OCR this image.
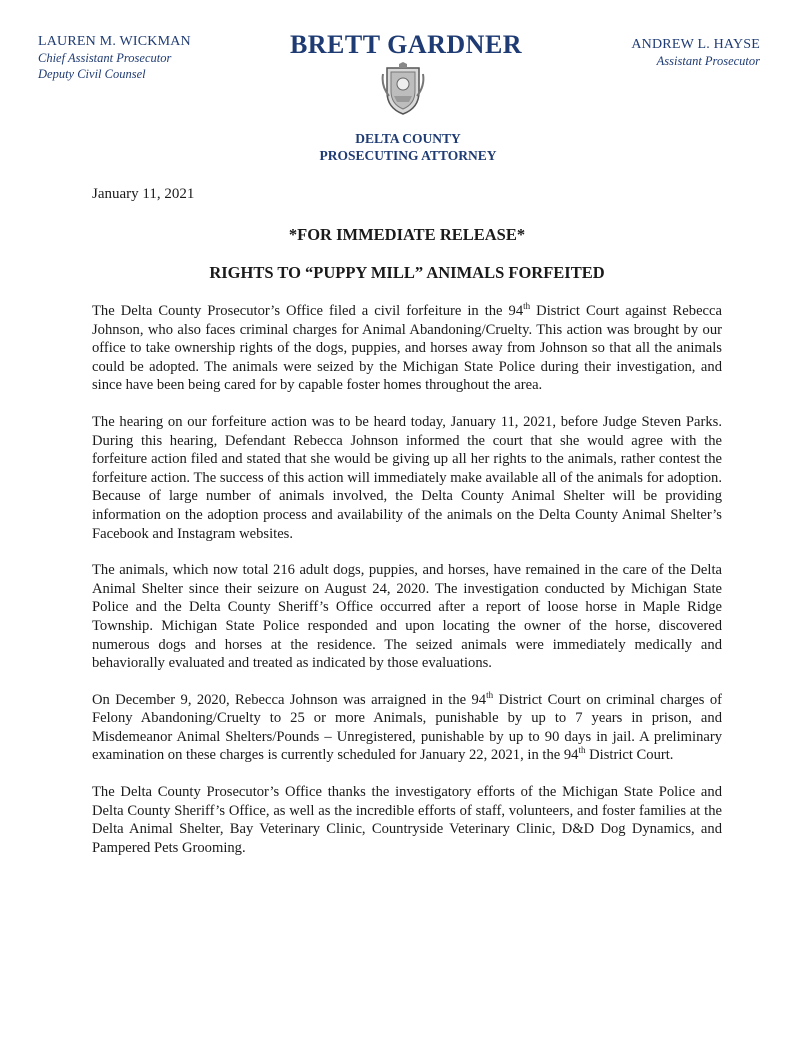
LAUREN M. WICKMAN
Chief Assistant Prosecutor
Deputy Civil Counsel
BRETT GARDNER	ANDREW L. HAYSE
Assistant Prosecutor
DELTA COUNTY
PROSECUTING ATTORNEY
January 11, 2021
*FOR IMMEDIATE RELEASE*
RIGHTS TO “PUPPY MILL” ANIMALS FORFEITED

The Delta County Prosecutor’s Office filed a civil forfeiture in the 94th District Court against Rebecca Johnson, who also faces criminal charges for Animal Abandoning/Cruelty. This action was brought by our office to take ownership rights of the dogs, puppies, and horses away from Johnson so that all the animals could be adopted. The animals were seized by the Michigan State Police during their investigation, and since have been being cared for by capable foster homes throughout the area.

The hearing on our forfeiture action was to be heard today, January 11, 2021, before Judge Steven Parks. During this hearing, Defendant Rebecca Johnson informed the court that she would agree with the forfeiture action filed and stated that she would be giving up all her rights to the animals, rather contest the forfeiture action. The success of this action will immediately make available all of the animals for adoption. Because of large number of animals involved, the Delta County Animal Shelter will be providing information on the adoption process and availability of the animals on the Delta County Animal Shelter’s Facebook and Instagram websites.

The animals, which now total 216 adult dogs, puppies, and horses, have remained in the care of the Delta Animal Shelter since their seizure on August 24, 2020. The investigation conducted by Michigan State Police and the Delta County Sheriff’s Office occurred after a report of loose horse in Maple Ridge Township. Michigan State Police responded and upon locating the owner of the horse, discovered numerous dogs and horses at the residence. The seized animals were immediately medically and behaviorally evaluated and treated as indicated by those evaluations.

On December 9, 2020, Rebecca Johnson was arraigned in the 94th District Court on criminal charges of Felony Abandoning/Cruelty to 25 or more Animals, punishable by up to 7 years in prison, and Misdemeanor Animal Shelters/Pounds – Unregistered, punishable by up to 90 days in jail. A preliminary examination on these charges is currently scheduled for January 22, 2021, in the 94th District Court.

The Delta County Prosecutor’s Office thanks the investigatory efforts of the Michigan State Police and Delta County Sheriff’s Office, as well as the incredible efforts of staff, volunteers, and foster families at the Delta Animal Shelter, Bay Veterinary Clinic, Countryside Veterinary Clinic, D&D Dog Dynamics, and Pampered Pets Grooming.
